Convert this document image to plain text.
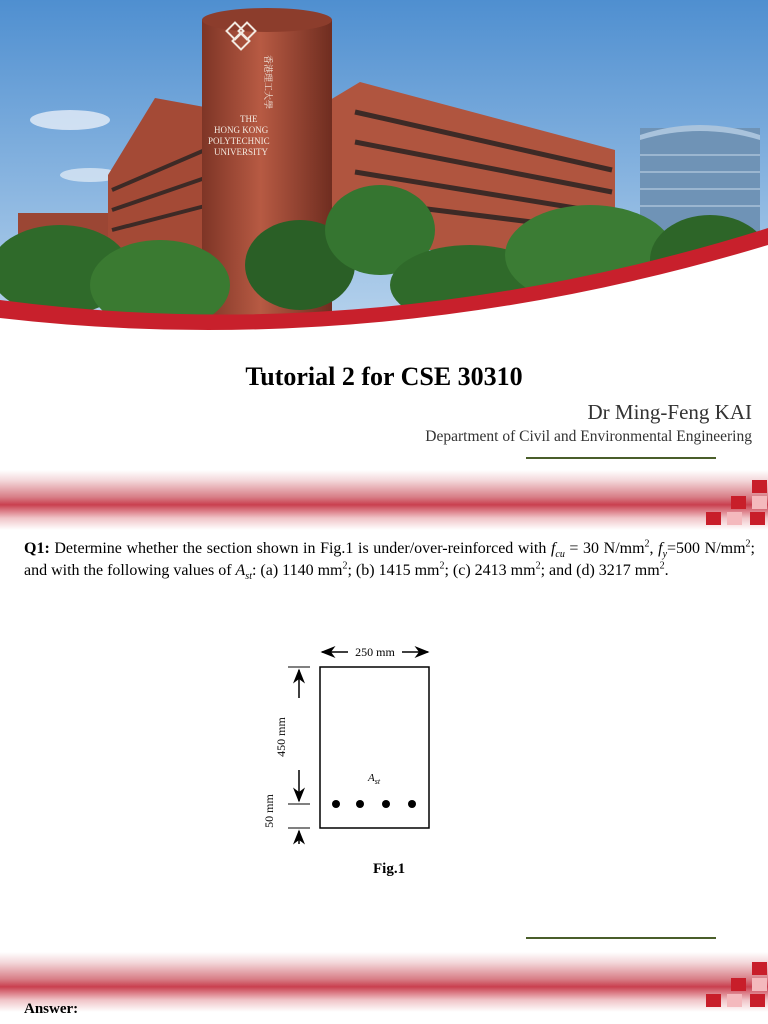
香港理工大學
THE
HONG KONG
POLYTECHNIC
UNIVERSITY
Tutorial 2 for CSE 30310
Dr Ming-Feng KAI
Department of Civil and Environmental Engineering
Q1: Determine whether the section shown in Fig.1 is under/over-reinforced with $f_{cu} = 30$ $N/mm^2$, $f_y=500$ $N/mm^2$; and with the following values of $A_{st}$: (a) 1140 $mm^2$; (b) 1415 $mm^2$; (c) 2413 $mm^2$; and (d) 3217 $mm^2$.
250 mm
450 mm
50 mm
$A_{st}$
Fig.1
Answer:
